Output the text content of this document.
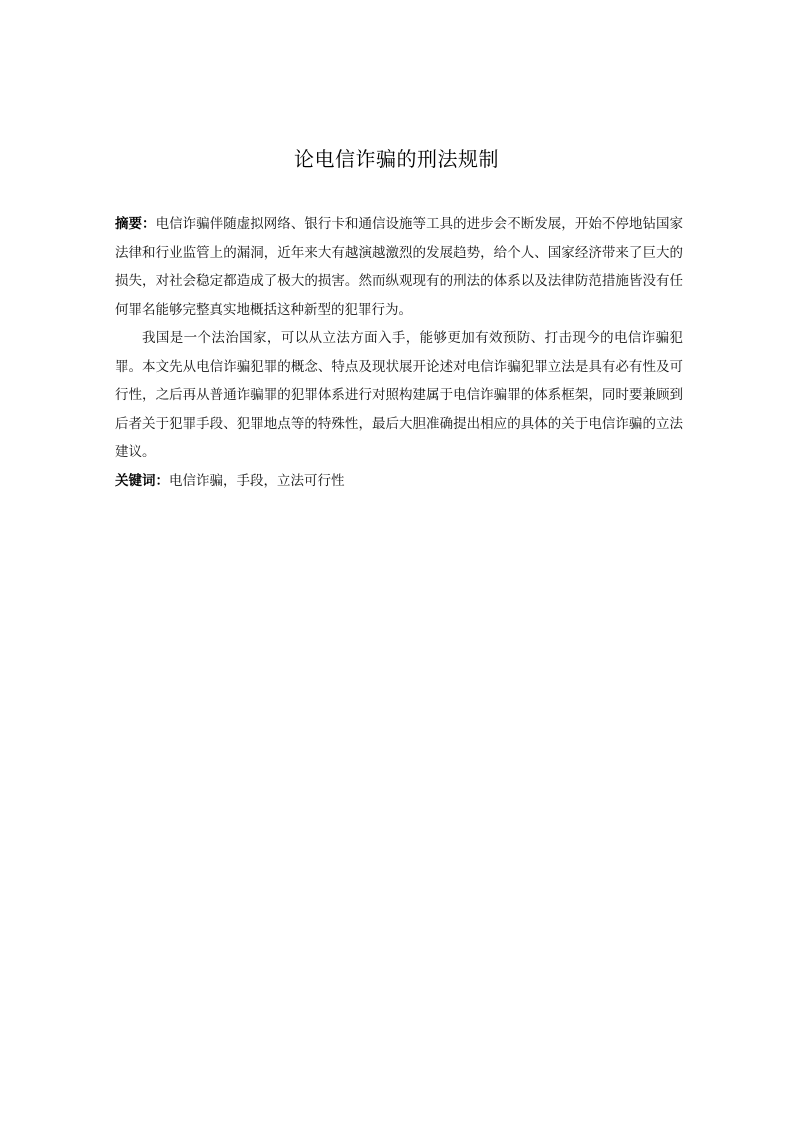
论电信诈骗的刑法规制

摘要：电信诈骗伴随虚拟网络、银行卡和通信设施等工具的进步会不断发展，开始不停地钻国家法律和行业监管上的漏洞，近年来大有越演越激烈的发展趋势，给个人、国家经济带来了巨大的损失，对社会稳定都造成了极大的损害。然而纵观现有的刑法的体系以及法律防范措施皆没有任何罪名能够完整真实地概括这种新型的犯罪行为。

我国是一个法治国家，可以从立法方面入手，能够更加有效预防、打击现今的电信诈骗犯罪。本文先从电信诈骗犯罪的概念、特点及现状展开论述对电信诈骗犯罪立法是具有必有性及可行性，之后再从普通诈骗罪的犯罪体系进行对照构建属于电信诈骗罪的体系框架，同时要兼顾到后者关于犯罪手段、犯罪地点等的特殊性，最后大胆准确提出相应的具体的关于电信诈骗的立法建议。

关键词：电信诈骗，手段，立法可行性
